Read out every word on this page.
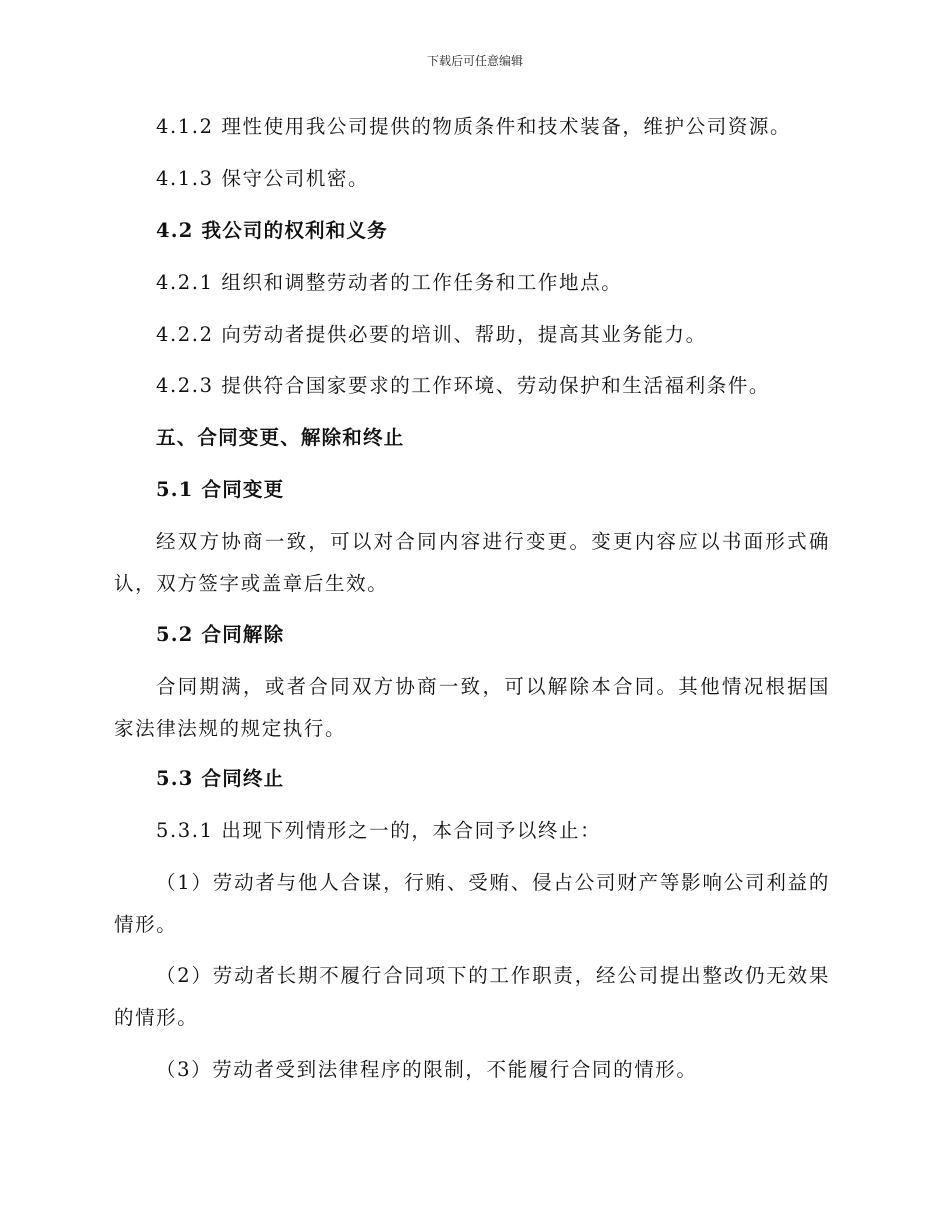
下载后可任意编辑
4.1.2 理性使用我公司提供的物质条件和技术装备，维护公司资源。
4.1.3 保守公司机密。
4.2 我公司的权利和义务
4.2.1 组织和调整劳动者的工作任务和工作地点。
4.2.2 向劳动者提供必要的培训、帮助，提高其业务能力。
4.2.3 提供符合国家要求的工作环境、劳动保护和生活福利条件。
五、合同变更、解除和终止
5.1 合同变更
经双方协商一致，可以对合同内容进行变更。变更内容应以书面形式确认，双方签字或盖章后生效。
5.2 合同解除
合同期满，或者合同双方协商一致，可以解除本合同。其他情况根据国家法律法规的规定执行。
5.3 合同终止
5.3.1 出现下列情形之一的，本合同予以终止：
（1）劳动者与他人合谋，行贿、受贿、侵占公司财产等影响公司利益的情形。
（2）劳动者长期不履行合同项下的工作职责，经公司提出整改仍无效果的情形。
（3）劳动者受到法律程序的限制，不能履行合同的情形。
